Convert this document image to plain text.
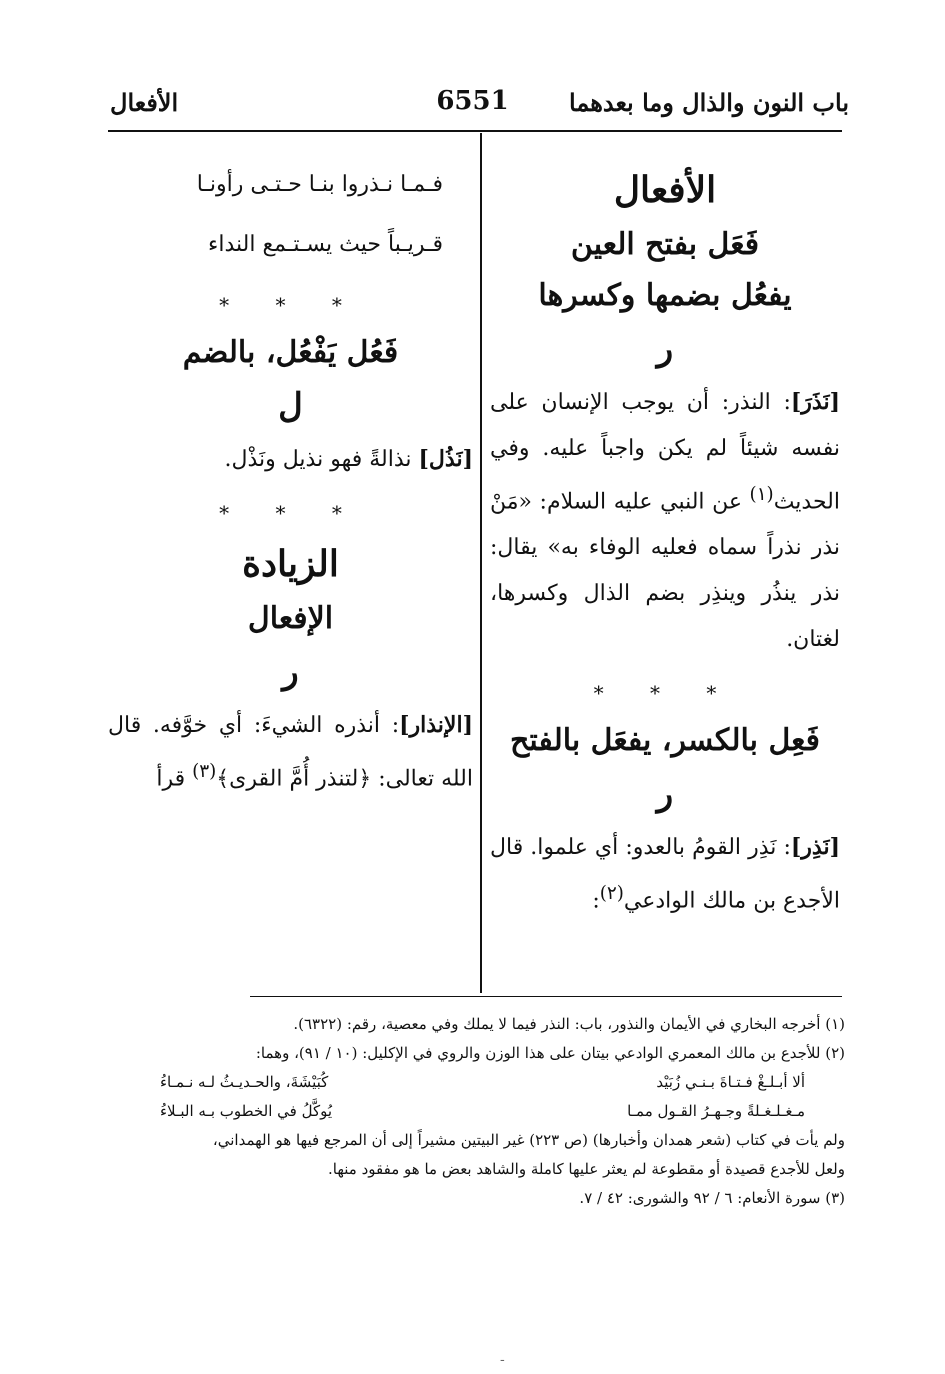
باب النون والذال وما بعدهما
6551
الأفعال
الأفعال
فَعَل بفتح العين
يفعُل بضمها وكسرها
ر
[نَذَرَ]: النذر: أن يوجب الإنسان على نفسه شيئاً لم يكن واجباً عليه. وفي الحديث$^{(١)}$ عن النبي عليه السلام: «مَنْ نذر نذراً سماه فعليه الوفاء به» يقال: نذر ينذُر وينذِر بضم الذال وكسرها، لغتان.
* * *
فَعِل بالكسر، يفعَل بالفتح
ر
[نَذِر]: نَذِر القومُ بالعدو: أي علموا. قال الأجدع بن مالك الوادعي$^{(٢)}$:
فـمـا نـذروا بنـا حـتـى رأونـا
قـريـباً حيث يسـتـمع النداء
* * *
فَعُل يَفْعُل، بالضم
ل
[نَذُل] نذالةً فهو نذيل ونَذْل.
* * *
الزيادة
الإفعال
ر
[الإنذار]: أنذره الشيءَ: أي خوَّفه. قال الله تعالى: ﴿لتنذر أُمَّ القرى﴾$^{(٣)}$ قرأ
(١) أخرجه البخاري في الأيمان والنذور، باب: النذر فيما لا يملك وفي معصية، رقم: (٦٣٢٢).
(٢) للأجدع بن مالك المعمري الوادعي بيتان على هذا الوزن والروي في الإكليل: (١٠ / ٩١)، وهما:
ألا أبـلـغْ فـتـاةَ بـنـي زُبَيْد
كُبَيْشَةَ، والحـديـثُ لـه نـمـاءُ
مـغـلـغـلةً وجـهـرُ القـول ممـا
يُوكَّلُ في الخطوب بـه البـلاءُ
ولم يأت في كتاب (شعر همدان وأخبارها) (ص ٢٢٣) غير البيتين مشيراً إلى أن المرجع فيها هو الهمداني،
ولعل للأجدع قصيدة أو مقطوعة لم يعثر عليها كاملة والشاهد بعض ما هو مفقود منها.
(٣) سورة الأنعام: ٦ / ٩٢ والشورى: ٤٢ / ٧.
-
